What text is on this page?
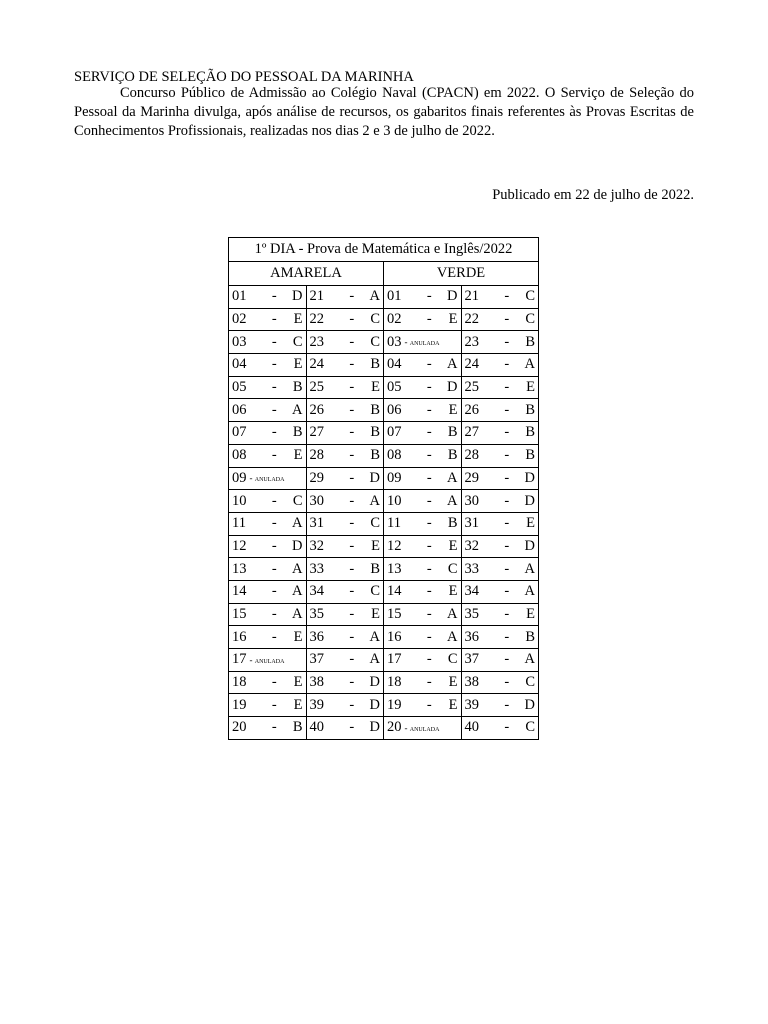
SERVIÇO DE SELEÇÃO DO PESSOAL DA MARINHA

Concurso Público de Admissão ao Colégio Naval (CPACN) em 2022. O Serviço de Seleção do Pessoal da Marinha divulga, após análise de recursos, os gabaritos finais referentes às Provas Escritas de Conhecimentos Profissionais, realizadas nos dias 2 e 3 de julho de 2022.

Publicado em 22 de julho de 2022.
1º DIA - Prova de Matemática e Inglês/2022			
AMARELA		VERDE	

01 - D	21 - A	01 - D	21 - C

02 - E	22 - C	02 - E	22 - C

03 - C	23 - C	03 - anulada	23 - B

04 - E	24 - B	04 - A	24 - A

05 - B	25 - E	05 - D	25 - E

06 - A	26 - B	06 - E	26 - B

07 - B	27 - B	07 - B	27 - B

08 - E	28 - B	08 - B	28 - B

09 - anulada	29 - D	09 - A	29 - D

10 - C	30 - A	10 - A	30 - D

11 - A	31 - C	11 - B	31 - E

12 - D	32 - E	12 - E	32 - D

13 - A	33 - B	13 - C	33 - A

14 - A	34 - C	14 - E	34 - A

15 - A	35 - E	15 - A	35 - E

16 - E	36 - A	16 - A	36 - B

17 - anulada	37 - A	17 - C	37 - A

18 - E	38 - D	18 - E	38 - C

19 - E	39 - D	19 - E	39 - D

20 - B	40 - D	20 - anulada	40 - C
